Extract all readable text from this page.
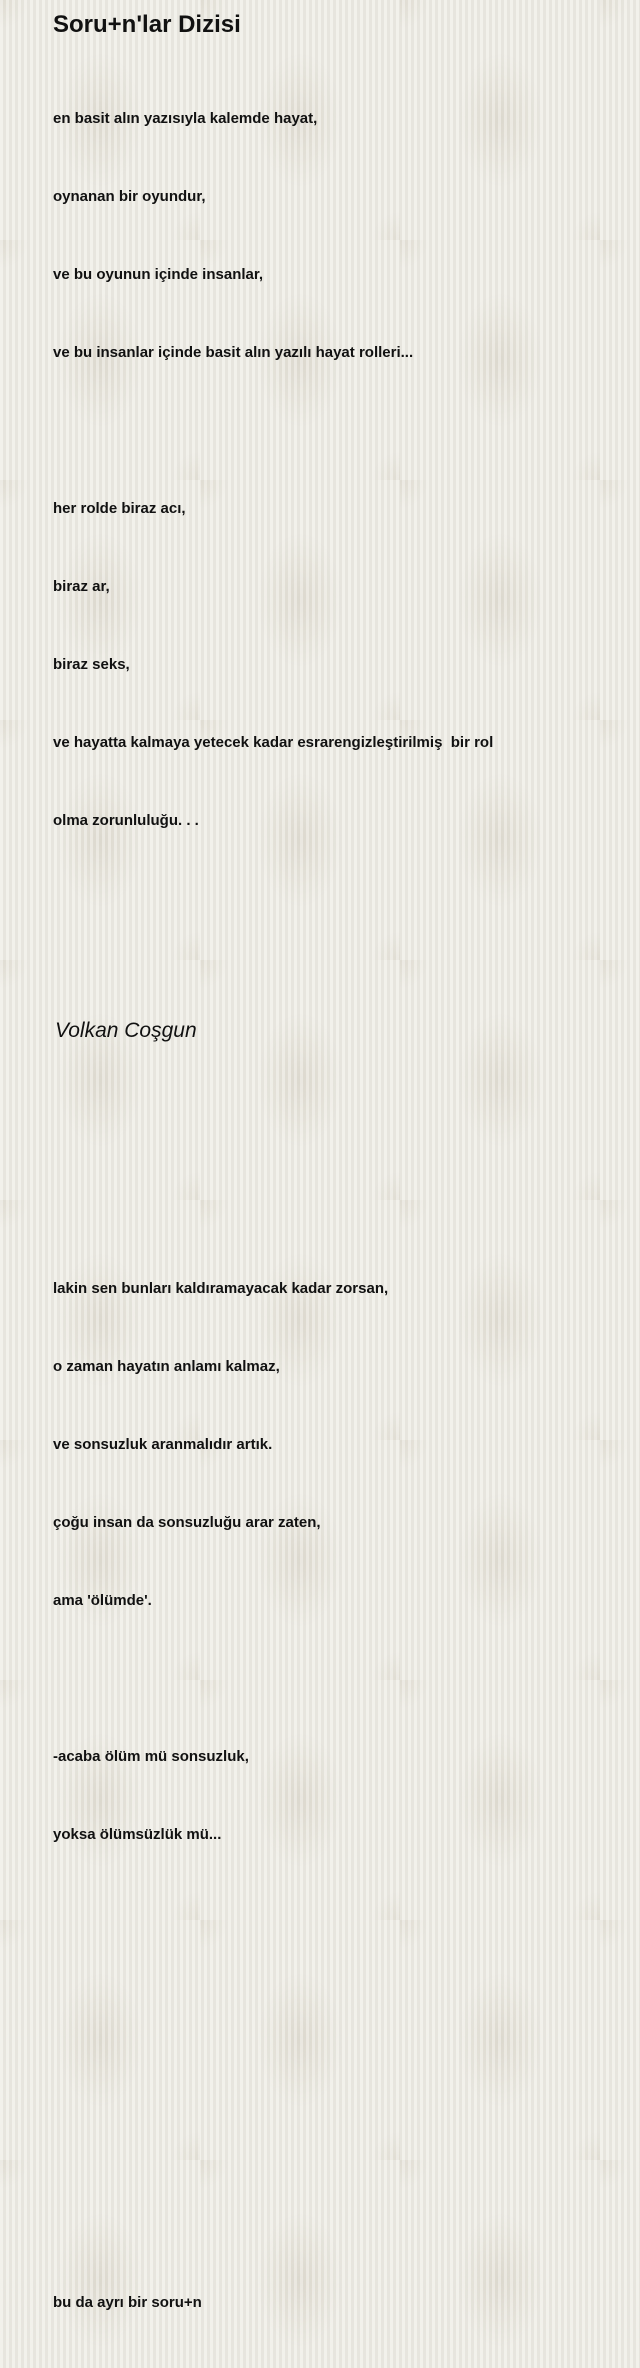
Soru+n'lar Dizisi

en basit alın yazısıyla kalemde hayat,

oynanan bir oyundur,

ve bu oyunun içinde insanlar,

ve bu insanlar içinde basit alın yazılı hayat rolleri...

her rolde biraz acı,

biraz ar,

biraz seks,

ve hayatta kalmaya yetecek kadar esrarengizleştirilmiş  bir rol

olma zorunluluğu. . .

lakin sen bunları kaldıramayacak kadar zorsan,

o zaman hayatın anlamı kalmaz,

ve sonsuzluk aranmalıdır artık.

çoğu insan da sonsuzluğu arar zaten,

ama 'ölümde'.

-acaba ölüm mü sonsuzluk,

yoksa ölümsüzlük mü...

bu da ayrı bir soru+n

Volkan Coşgun
